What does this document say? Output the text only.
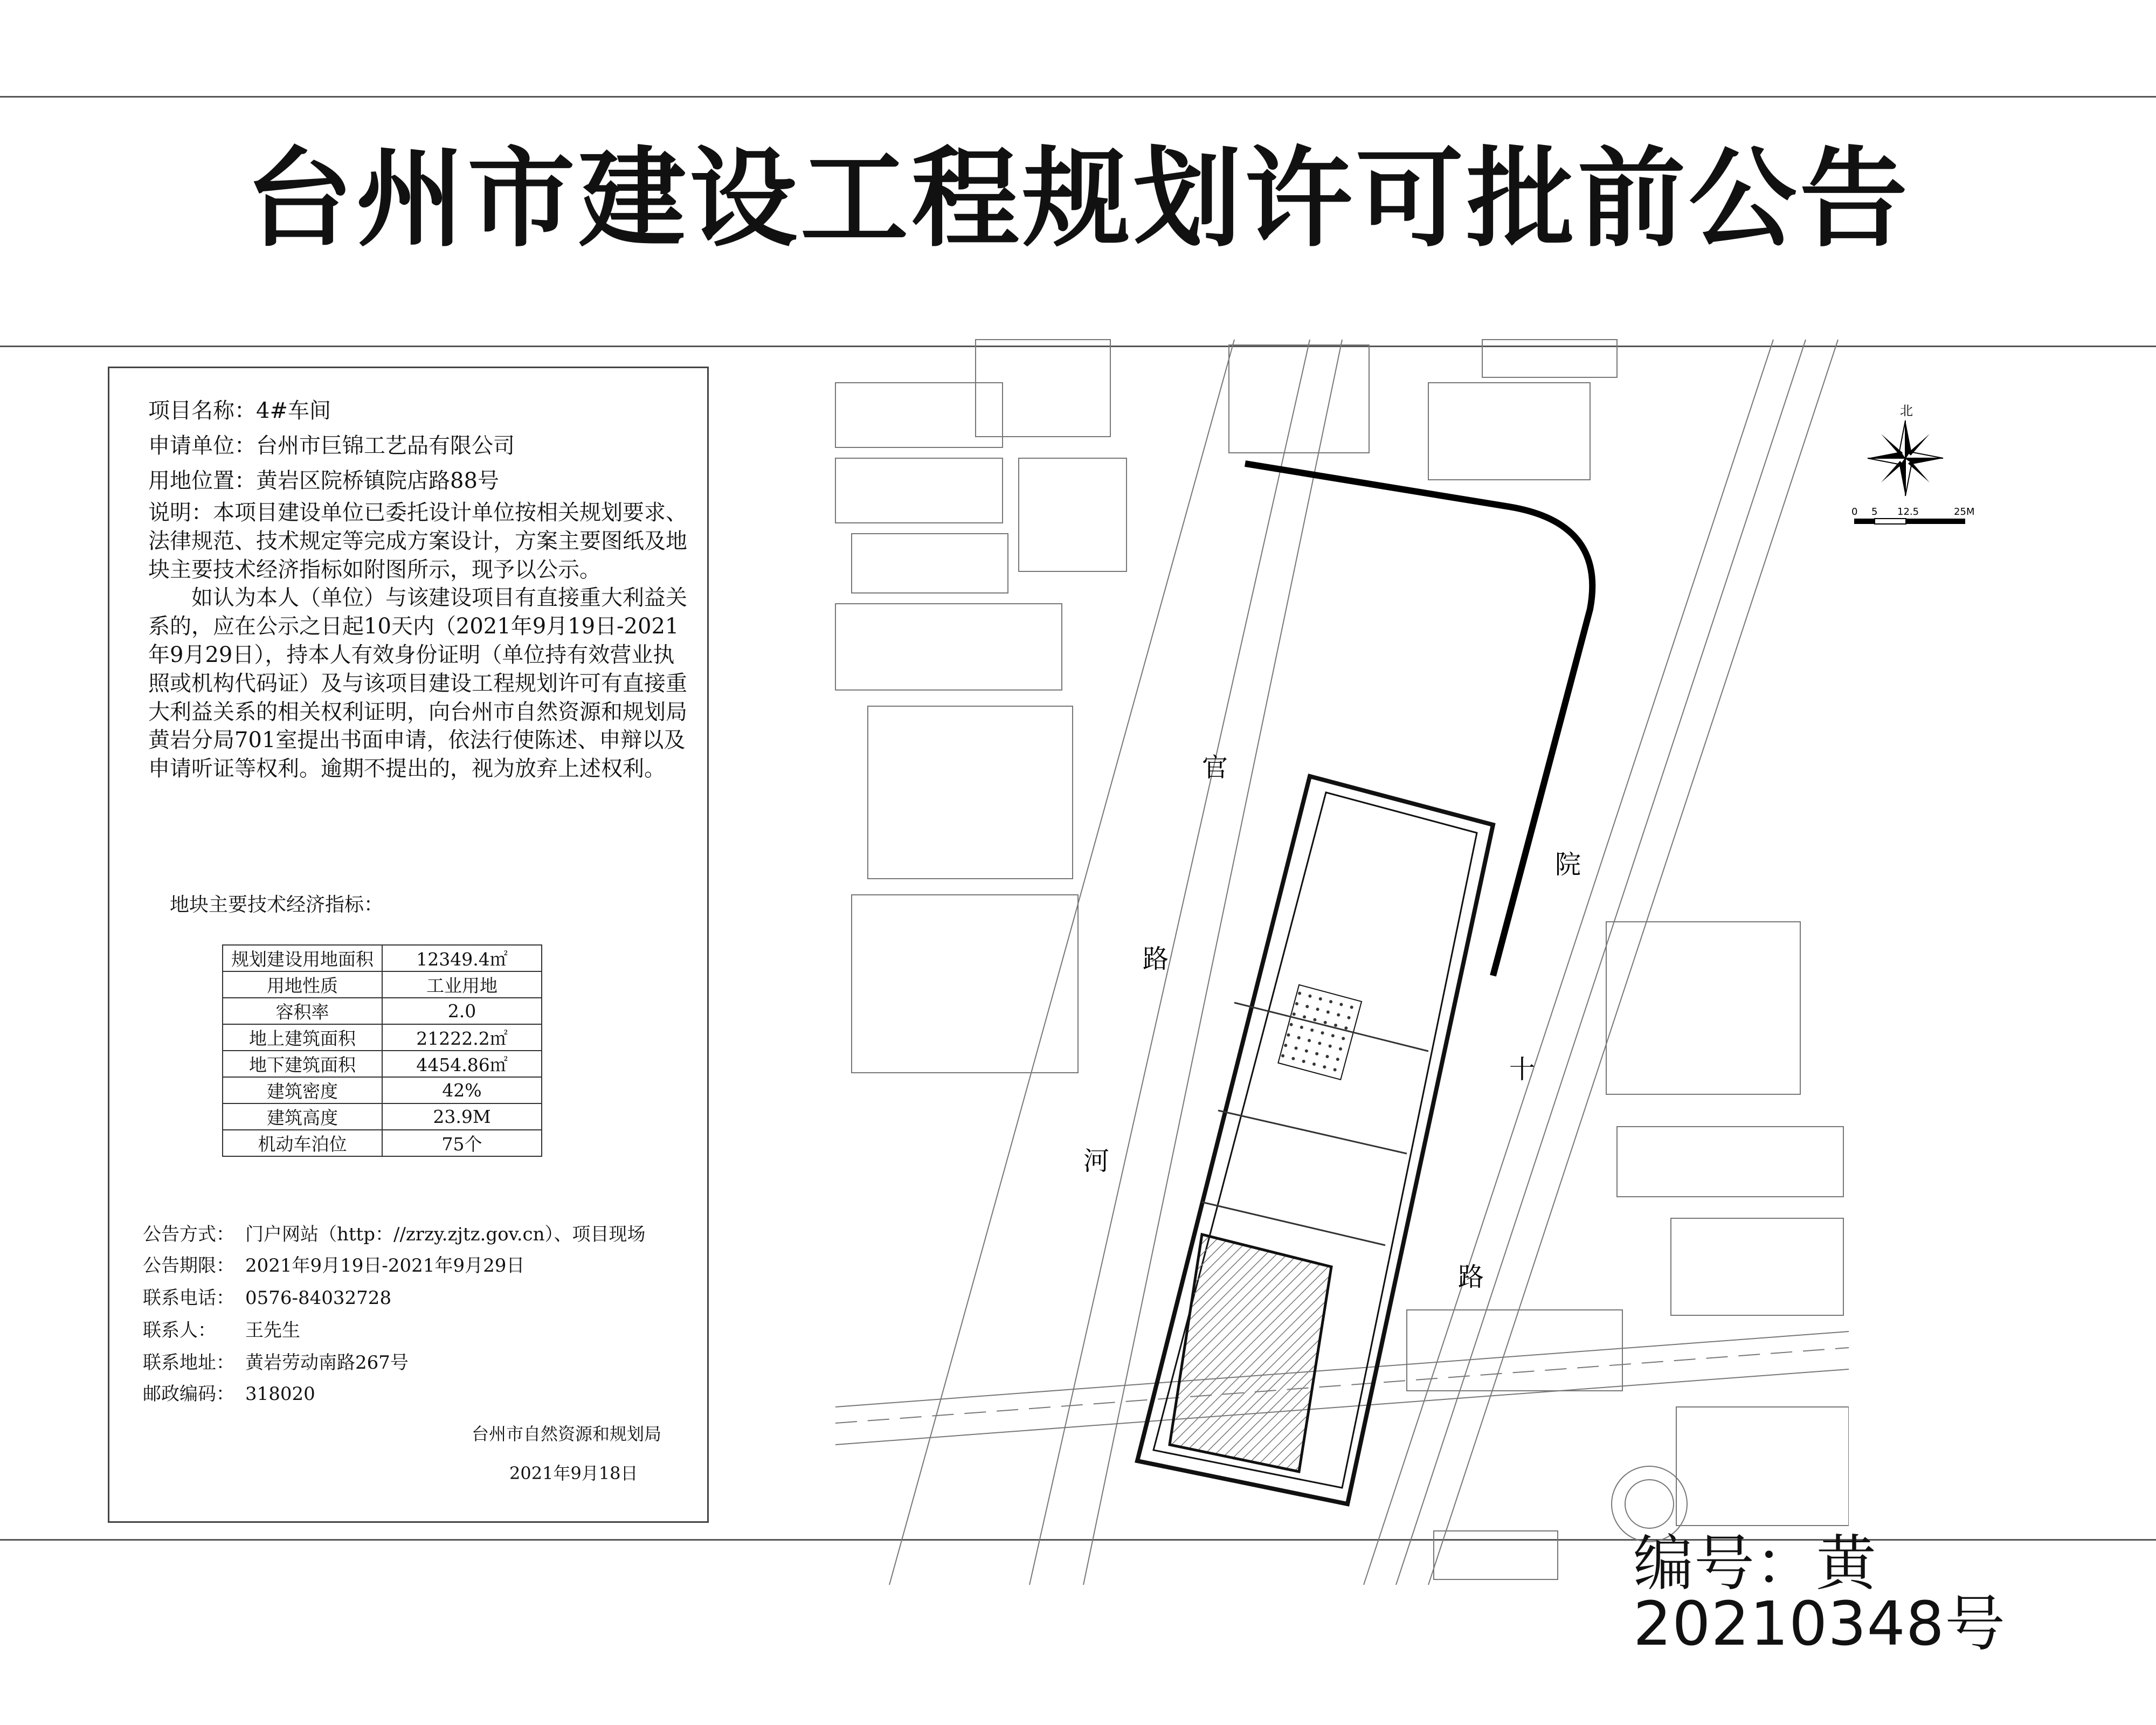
台州市建设工程规划许可批前公告
项目名称：4#车间
申请单位：台州市巨锦工艺品有限公司
用地位置：黄岩区院桥镇院店路88号

说明：本项目建设单位已委托设计单位按相关规划要求、法律规范、技术规定等完成方案设计，方案主要图纸及地块主要技术经济指标如附图所示，现予以公示。

如认为本人（单位）与该建设项目有直接重大利益关系的，应在公示之日起10天内（2021年9月19日-2021年9月29日），持本人有效身份证明（单位持有效营业执照或机构代码证）及与该项目建设工程规划许可有直接重大利益关系的相关权利证明，向台州市自然资源和规划局黄岩分局701室提出书面申请，依法行使陈述、申辩以及申请听证等权利。逾期不提出的，视为放弃上述权利。

地块主要技术经济指标：
规划建设用地面积	12349.4㎡
用地性质	工业用地
容积率	2.0
地上建筑面积	21222.2㎡
地下建筑面积	4454.86㎡
建筑密度	42%
建筑高度	23.9M
机动车泊位	75个
公告方式： 门户网站（http：//zrzy.zjtz.gov.cn）、项目现场
公告期限： 2021年9月19日-2021年9月29日
联系电话： 0576-84032728
联系人： 王先生
联系地址： 黄岩劳动南路267号
邮政编码： 318020
台州市自然资源和规划局
2021年9月18日
官
路
河
院
十
路
北
0 5 12.5	25M
编号：黄20210348号
